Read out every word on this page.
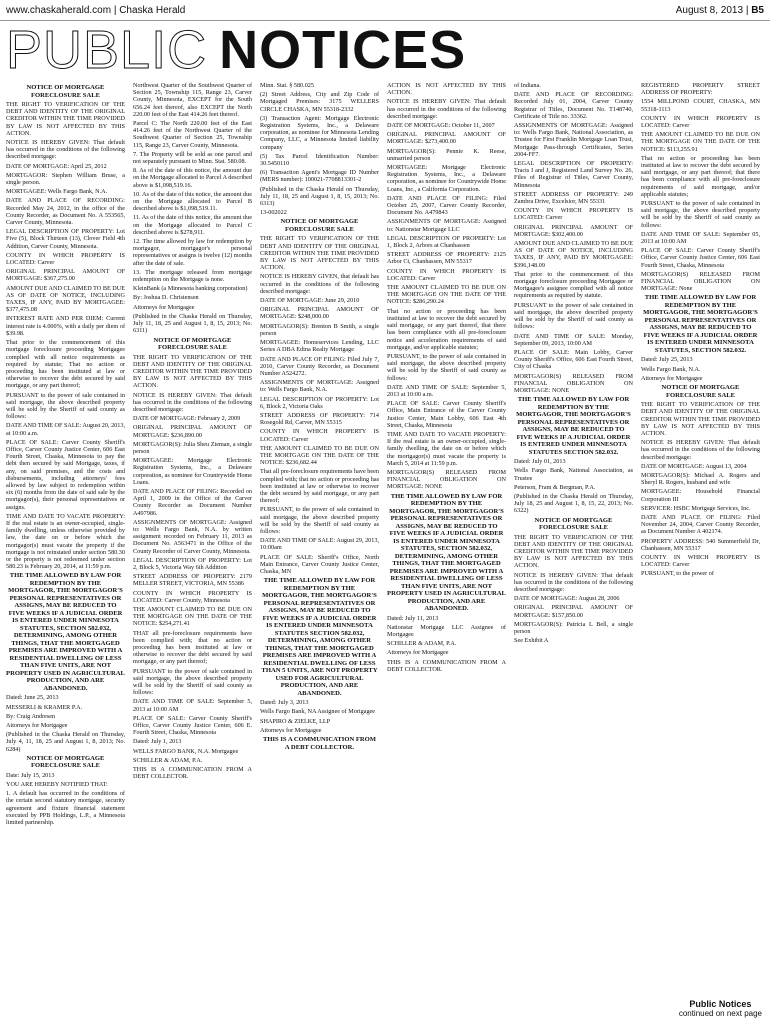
www.chaskaherald.com | Chaska Herald	August 8, 2013 | B5
PUBLIC NOTICES
NOTICE OF MORTGAGE FORECLOSURE SALE

THE RIGHT TO VERIFICATION OF THE DEBT AND IDENTITY OF THE ORIGINAL CREDITOR WITHIN THE TIME PROVIDED BY LAW IS NOT AFFECTED BY THIS ACTION.

NOTICE IS HEREBY GIVEN: That default has occurred in the conditions of the following described mortgage:

DATE OF MORTGAGE: April 25, 2012

MORTGAGOR: Stephen William Bruse, a single person.

MORTGAGEE: Wells Fargo Bank, N.A.

DATE AND PLACE OF RECORDING: Recorded May 24, 2012, in the office of the County Recorder, as Document No. A 553565, Carver County, Minnesota.

LEGAL DESCRIPTION OF PROPERTY: Lot Five (5), Block Thirteen (13), Clover Field 4th Addition, Carver County, Minnesota.

COUNTY IN WHICH PROPERTY IS LOCATED: Carver

ORIGINAL PRINCIPAL AMOUNT OF MORTGAGE: $367,275.00

AMOUNT DUE AND CLAIMED TO BE DUE AS OF DATE OF NOTICE, INCLUDING TAXES, IF ANY, PAID BY MORTGAGEE: $377,475.08

INTEREST RATE AND PER DIEM: Current interest rate is 4.000%, with a daily per diem of $39.98.

That prior to the commencement of this mortgage foreclosure proceeding Mortgagee complied with all notice requirements as required by statute; That no action or proceeding has been instituted at law or otherwise to recover the debt secured by said mortgage, or any part thereof;

PURSUANT to the power of sale contained in said mortgage, the above described property will be sold by the Sheriff of said county as follows:

DATE AND TIME OF SALE: August 20, 2013, at 10:00 a.m.

PLACE OF SALE: Carver County Sheriff's Office, Carver County Justice Center, 606 East Fourth Street, Chaska, Minnesota to pay the debt then secured by said Mortgage, taxes, if any, on said premises, and the costs and disbursements, including attorneys' fees allowed by law subject to redemption within six (6) months from the date of said sale by the mortgagor(s), their personal representatives or assigns.

TIME AND DATE TO VACATE PROPERTY: If the real estate is an owner-occupied, single-family dwelling, unless otherwise provided by law, the date on or before which the mortgagor(s) must vacate the property if the mortgage is not reinstated under section 580.30 or the property is not redeemed under section 580.23 is February 20, 2014, at 11:59 p.m.

THE TIME ALLOWED BY LAW FOR REDEMPTION BY THE MORTGAGOR, THE MORTGAGOR'S PERSONAL REPRESENTATIVES OR ASSIGNS, MAY BE REDUCED TO FIVE WEEKS IF A JUDICIAL ORDER IS ENTERED UNDER MINNESOTA STATUTES, SECTION 582.032, DETERMINING, AMONG OTHER THINGS, THAT THE MORTGAGED PREMISES ARE IMPROVED WITH A RESIDENTIAL DWELLING OF LESS THAN FIVE UNITS, ARE NOT PROPERTY USED IN AGRICULTURAL PRODUCTION, AND ARE ABANDONED.

Dated: June 25, 2013

MESSERLI & KRAMER P.A.

By: Craig Andresen

Attorneys for Mortgagee

(Published in the Chaska Herald on Thursday, July 4, 11, 18, 25 and August 1, 8, 2013; No. 6284)

NOTICE OF MORTGAGE FORECLOSURE SALE

Date: July 15, 2013

YOU ARE HEREBY NOTIFIED THAT:

1. A default has occurred in the conditions of the certain second statutory mortgage, security agreement and fixture financial statement executed by PPB Holdings, L.P., a Minnesota limited partnership.

Northwest Quarter of the Southwest Quarter of Section 25, Township 115, Range 23, Carver County, Minnesota, EXCEPT for the South 656.24 feet thereof, also EXCEPT the North 220.00 feet of the East 414.26 feet thereof.

Parcel C: The North 220.00 feet of the East 414.26 feet of the Northwest Quarter of the Southwest Quarter of Section 25, Township 115, Range 23, Carver County, Minnesota.

7. The Property will be sold as one parcel and not separately pursuant to Minn. Stat. 580.08.

8. As of the date of this notice, the amount due on the Mortgage allocated to Parcel A described above is $1,098,519.16.

10. As of the date of this notice, the amount due on the Mortgage allocated to Parcel B described above is $1,098,519.11.

11. As of the date of this notice, the amount due on the Mortgage allocated to Parcel C described above is $278,911.

12. The time allowed by law for redemption by mortgagor, mortgagor's personal representatives or assigns is twelve (12) months after the date of sale.

13. The mortgage released from mortgage redemption on the Mortgage is none.

KleinBank (a Minnesota banking corporation)

By: Joshua D. Christensen

Attorneys for Mortgagee

(Published in the Chaska Herald on Thursday, July 11, 18, 25 and August 1, 8, 15, 2013; No. 6311)

NOTICE OF MORTGAGE FORECLOSURE SALE

THE RIGHT TO VERIFICATION OF THE DEBT AND IDENTITY OF THE ORIGINAL CREDITOR WITHIN THE TIME PROVIDED BY LAW IS NOT AFFECTED BY THIS ACTION.

NOTICE IS HEREBY GIVEN: That default has occurred in the conditions of the following described mortgage:

DATE OF MORTGAGE: February 2, 2009

ORIGINAL PRINCIPAL AMOUNT OF MORTGAGE: $236,890.00

MORTGAGOR(S): Julia Sheu Zieman, a single person

MORTGAGEE: Mortgage Electronic Registration Systems, Inc., a Delaware corporation, as nominee for Countrywide Home Loans.

DATE AND PLACE OF FILING: Recorded on April 1, 2009 in the Office of the Carver County Recorder as Document Number A497986.

ASSIGNMENTS OF MORTGAGE: Assigned to: Wells Fargo Bank, N.A. by written assignment recorded on February 11, 2013 as Document No. A563471 in the Office of the County Recorder of Carver County, Minnesota.

LEGAL DESCRIPTION OF PROPERTY: Lot 2, Block 5, Victoria Way 6th Addition

STREET ADDRESS OF PROPERTY: 2179 MELLER STREET, VICTORIA, MN 55386

COUNTY IN WHICH PROPERTY IS LOCATED: Carver County, Minnesota

THE AMOUNT CLAIMED TO BE DUE ON THE MORTGAGE ON THE DATE OF THE NOTICE: $254,271.41

THAT all pre-foreclosure requirements have been complied with; that no action or proceeding has been instituted at law or otherwise to recover the debt secured by said mortgage, or any part thereof;

PURSUANT to the power of sale contained in said mortgage, the above described property will be sold by the Sheriff of said county as follows:

DATE AND TIME OF SALE: September 5, 2013 at 10:00 AM

PLACE OF SALE: Carver County Sheriff's Office, Carver County Justice Center, 606 E. Fourth Street, Chaska, Minnesota

Dated: July 1, 2013

WELLS FARGO BANK, N.A. Mortgagee

SCHILLER & ADAM, P.A.

THIS IS A COMMUNICATION FROM A DEBT COLLECTOR.

Minn. Stat. § 580.025

(2) Street Address, City and Zip Code of Mortgaged Premises: 3175 WELLERS CIRCLE CHASKA, MN 55318-2332

(3) Transaction Agent: Mortgage Electronic Registration Systems, Inc., a Delaware corporation, as nominee for Minnesota Lending Company, LLC, a Minnesota limited liability company

(5) Tax Parcel Identification Number: 30.5450110

(6) Transaction Agent's Mortgage ID Number (MERS number): 100021-7708813301-2

(Published in the Chaska Herald on Thursday, July 11, 18, 25 and August 1, 8, 15, 2013; No. 6313)

13-002022

NOTICE OF MORTGAGE FORECLOSURE SALE

THE RIGHT TO VERIFICATION OF THE DEBT AND IDENTITY OF THE ORIGINAL CREDITOR WITHIN THE TIME PROVIDED BY LAW IS NOT AFFECTED BY THIS ACTION.

NOTICE IS HEREBY GIVEN, that default has occurred in the conditions of the following described mortgage:

DATE OF MORTGAGE: June 29, 2010

ORIGINAL PRINCIPAL AMOUNT OF MORTGAGE: $248,000.00

MORTGAGOR(S): Brenton B Smith, a single person

MORTGAGEE: Homeservices Lending, LLC Series A DBA Edina Realty Mortgage

DATE AND PLACE OF FILING: Filed July 7, 2010, Carver County Recorder, as Document Number A524272.

ASSIGNMENTS OF MORTGAGE: Assigned to: Wells Fargo Bank, N.A.

LEGAL DESCRIPTION OF PROPERTY: Lot 6, Block 2, Victoria Oaks

STREET ADDRESS OF PROPERTY: 714 Rosegold Rd, Carver, MN 55315

COUNTY IN WHICH PROPERTY IS LOCATED: Carver

THE AMOUNT CLAIMED TO BE DUE ON THE MORTGAGE ON THE DATE OF THE NOTICE: $236,682.44

That all pre-foreclosure requirements have been complied with; that no action or proceeding has been instituted at law or otherwise to recover the debt secured by said mortgage, or any part thereof;

PURSUANT, to the power of sale contained in said mortgage, the above described property will be sold by the Sheriff of said county as follows:

DATE AND TIME OF SALE: August 29, 2013, 10:00am

PLACE OF SALE: Sheriff's Office, North Main Entrance, Carver County Justice Center, Chaska, MN

THE TIME ALLOWED BY LAW FOR REDEMPTION BY THE MORTGAGOR, THE MORTGAGOR'S PERSONAL REPRESENTATIVES OR ASSIGNS, MAY BE REDUCED TO FIVE WEEKS IF A JUDICIAL ORDER IS ENTERED UNDER MINNESOTA STATUTES SECTION 582.032, DETERMINING, AMONG OTHER THINGS, THAT THE MORTGAGED PREMISES ARE IMPROVED WITH A RESIDENTIAL DWELLING OF LESS THAN 5 UNITS, ARE NOT PROPERTY USED FOR AGRICULTURAL PRODUCTION, AND ARE ABANDONED.

Dated: July 3, 2013

Wells Fargo Bank, NA Assignee of Mortgagee

SHAPIRO & ZIELKE, LLP

Attorneys for Mortgagee

THIS IS A COMMUNICATION FROM A DEBT COLLECTOR.

ACTION IS NOT AFFECTED BY THIS ACTION.

NOTICE IS HEREBY GIVEN: That default has occurred in the conditions of the following described mortgage:

DATE OF MORTGAGE: October 11, 2007

ORIGINAL PRINCIPAL AMOUNT OF MORTGAGE: $273,400.00

MORTGAGOR(S): Pennie K. Reese, unmarried person

MORTGAGEE: Mortgage Electronic Registration Systems, Inc., a Delaware corporation, as nominee for Countrywide Home Loans, Inc., a California Corporation.

DATE AND PLACE OF FILING: Filed October 25, 2007, Carver County Recorder, Document No. A479843

ASSIGNMENTS OF MORTGAGE: Assigned to: Nationstar Mortgage LLC

LEGAL DESCRIPTION OF PROPERTY: Lot 1, Block 2, Arbors at Chanhassen

STREET ADDRESS OF PROPERTY: 2125 Arbor Ct, Chanhassen, MN 55317

COUNTY IN WHICH PROPERTY IS LOCATED: Carver

THE AMOUNT CLAIMED TO BE DUE ON THE MORTGAGE ON THE DATE OF THE NOTICE: $286,290.24

That no action or proceeding has been instituted at law to recover the debt secured by said mortgage, or any part thereof, that there has been compliance with all pre-foreclosure notice and acceleration requirements of said mortgage, and/or applicable statutes;

PURSUANT, to the power of sale contained in said mortgage, the above described property will be sold by the Sheriff of said county as follows:

DATE AND TIME OF SALE: September 5, 2013 at 10:00 a.m.

PLACE OF SALE: Carver County Sheriff's Office, Main Entrance of the Carver County Justice Center, Main Lobby, 606 East 4th Street, Chaska, Minnesota

TIME AND DATE TO VACATE PROPERTY: If the real estate is an owner-occupied, single-family dwelling, the date on or before which the mortgagor(s) must vacate the property is March 5, 2014 at 11:59 p.m.

MORTGAGOR(S) RELEASED FROM FINANCIAL OBLIGATION ON MORTGAGE: NONE

THE TIME ALLOWED BY LAW FOR REDEMPTION BY THE MORTGAGOR, THE MORTGAGOR'S PERSONAL REPRESENTATIVES OR ASSIGNS, MAY BE REDUCED TO FIVE WEEKS IF A JUDICIAL ORDER IS ENTERED UNDER MINNESOTA STATUTES, SECTION 582.032, DETERMINING, AMONG OTHER THINGS, THAT THE MORTGAGED PREMISES ARE IMPROVED WITH A RESIDENTIAL DWELLING OF LESS THAN FIVE UNITS, ARE NOT PROPERTY USED IN AGRICULTURAL PRODUCTION, AND ARE ABANDONED.

Dated: July 11, 2013

Nationstar Mortgage LLC Assignee of Mortgagee

SCHILLER & ADAM, P.A.

Attorneys for Mortgagee

THIS IS A COMMUNICATION FROM A DEBT COLLECTOR.

of Indiana.

DATE AND PLACE OF RECORDING: Recorded July 01, 2004, Carver County Registrar of Titles, Document No. T148740, Certificate of Title no. 33362.

ASSIGNMENTS OF MORTGAGE: Assigned to: Wells Fargo Bank, National Association, as Trustee for First Franklin Mortgage Loan Trust, Mortgage Pass-through Certificates, Series 2004-FF7.

LEGAL DESCRIPTION OF PROPERTY: Tracts I and J, Registered Land Survey No. 26, Files of Registrar of Titles, Carver County, Minnesota

STREET ADDRESS OF PROPERTY: 249 Zambra Drive, Excelsior, MN 55331

COUNTY IN WHICH PROPERTY IS LOCATED: Carver

ORIGINAL PRINCIPAL AMOUNT OF MORTGAGE: $302,400.00

AMOUNT DUE AND CLAIMED TO BE DUE AS OF DATE OF NOTICE, INCLUDING TAXES, IF ANY, PAID BY MORTGAGEE: $396,148.09

That prior to the commencement of this mortgage foreclosure proceeding Mortgagee or Mortgagee's assignee complied with all notice requirements as required by statute.

PURSUANT to the power of sale contained in said mortgage, the above described property will be sold by the Sheriff of said county as follows:

DATE AND TIME OF SALE: Monday, September 09, 2013, 10:00 AM

PLACE OF SALE: Main Lobby, Carver County Sheriff's Office, 606 East Fourth Street, City of Chaska

MORTGAGOR(S) RELEASED FROM FINANCIAL OBLIGATION ON MORTGAGE: NONE

THE TIME ALLOWED BY LAW FOR REDEMPTION BY THE MORTGAGOR, THE MORTGAGOR'S PERSONAL REPRESENTATIVES OR ASSIGNS, MAY BE REDUCED TO FIVE WEEKS IF A JUDICIAL ORDER IS ENTERED UNDER MINNESOTA STATUTES SECTION 582.032.

Dated: July 01, 2013

Wells Fargo Bank, National Association, as Trustee

Peterson, Fram & Bergman, P.A.

(Published in the Chaska Herald on Thursday, July 18, 25 and August 1, 8, 15, 22, 2013; No. 6322)

NOTICE OF MORTGAGE FORECLOSURE SALE

THE RIGHT TO VERIFICATION OF THE DEBT AND IDENTITY OF THE ORIGINAL CREDITOR WITHIN THE TIME PROVIDED BY LAW IS NOT AFFECTED BY THIS ACTION.

NOTICE IS HEREBY GIVEN: That default has occurred in the conditions of the following described mortgage:

DATE OF MORTGAGE: August 28, 2006

ORIGINAL PRINCIPAL AMOUNT OF MORTGAGE: $157,850.00

MORTGAGOR(S): Patricia L Bell, a single person

See Exhibit A

REGISTERED PROPERTY STREET ADDRESS OF PROPERTY:

1554 MILLPOND COURT, CHASKA, MN 55318-1113

COUNTY IN WHICH PROPERTY IS LOCATED: Carver

THE AMOUNT CLAIMED TO BE DUE ON THE MORTGAGE ON THE DATE OF THE NOTICE: $113,255.91

That no action or proceeding has been instituted at law to recover the debt secured by said mortgage, or any part thereof; that there has been compliance with all pre-foreclosure requirements of said mortgage, and/or applicable statutes;

PURSUANT to the power of sale contained in said mortgage, the above described property will be sold by the Sheriff of said county as follows:

DATE AND TIME OF SALE: September 05, 2013 at 10:00 AM

PLACE OF SALE: Carver County Sheriff's Office, Carver County Justice Center, 606 East Fourth Street, Chaska, Minnesota

MORTGAGOR(S) RELEASED FROM FINANCIAL OBLIGATION ON MORTGAGE: None

THE TIME ALLOWED BY LAW FOR REDEMPTION BY THE MORTGAGOR, THE MORTGAGOR'S PERSONAL REPRESENTATIVES OR ASSIGNS, MAY BE REDUCED TO FIVE WEEKS IF A JUDICIAL ORDER IS ENTERED UNDER MINNESOTA STATUTES, SECTION 582.032.

Dated: July 25, 2013

Wells Fargo Bank, N.A.

Attorneys for Mortgagee

NOTICE OF MORTGAGE FORECLOSURE SALE

THE RIGHT TO VERIFICATION OF THE DEBT AND IDENTITY OF THE ORIGINAL CREDITOR WITHIN THE TIME PROVIDED BY LAW IS NOT AFFECTED BY THIS ACTION.

NOTICE IS HEREBY GIVEN: That default has occurred in the conditions of the following described mortgage:

DATE OF MORTGAGE: August 13, 2004

MORTGAGOR(S): Michael A. Rogers and Sheryl R. Rogers, husband and wife

MORTGAGEE: Household Financial Corporation III

SERVICER: HSBC Mortgage Services, Inc.

DATE AND PLACE OF FILING: Filed November 24, 2004, Carver County Recorder, as Document Number A 402174.

PROPERTY ADDRESS: 540 Summerfield Dr, Chanhassen, MN 55317

COUNTY IN WHICH PROPERTY IS LOCATED: Carver

PURSUANT, to the power of

Public Notices
continued on next page
